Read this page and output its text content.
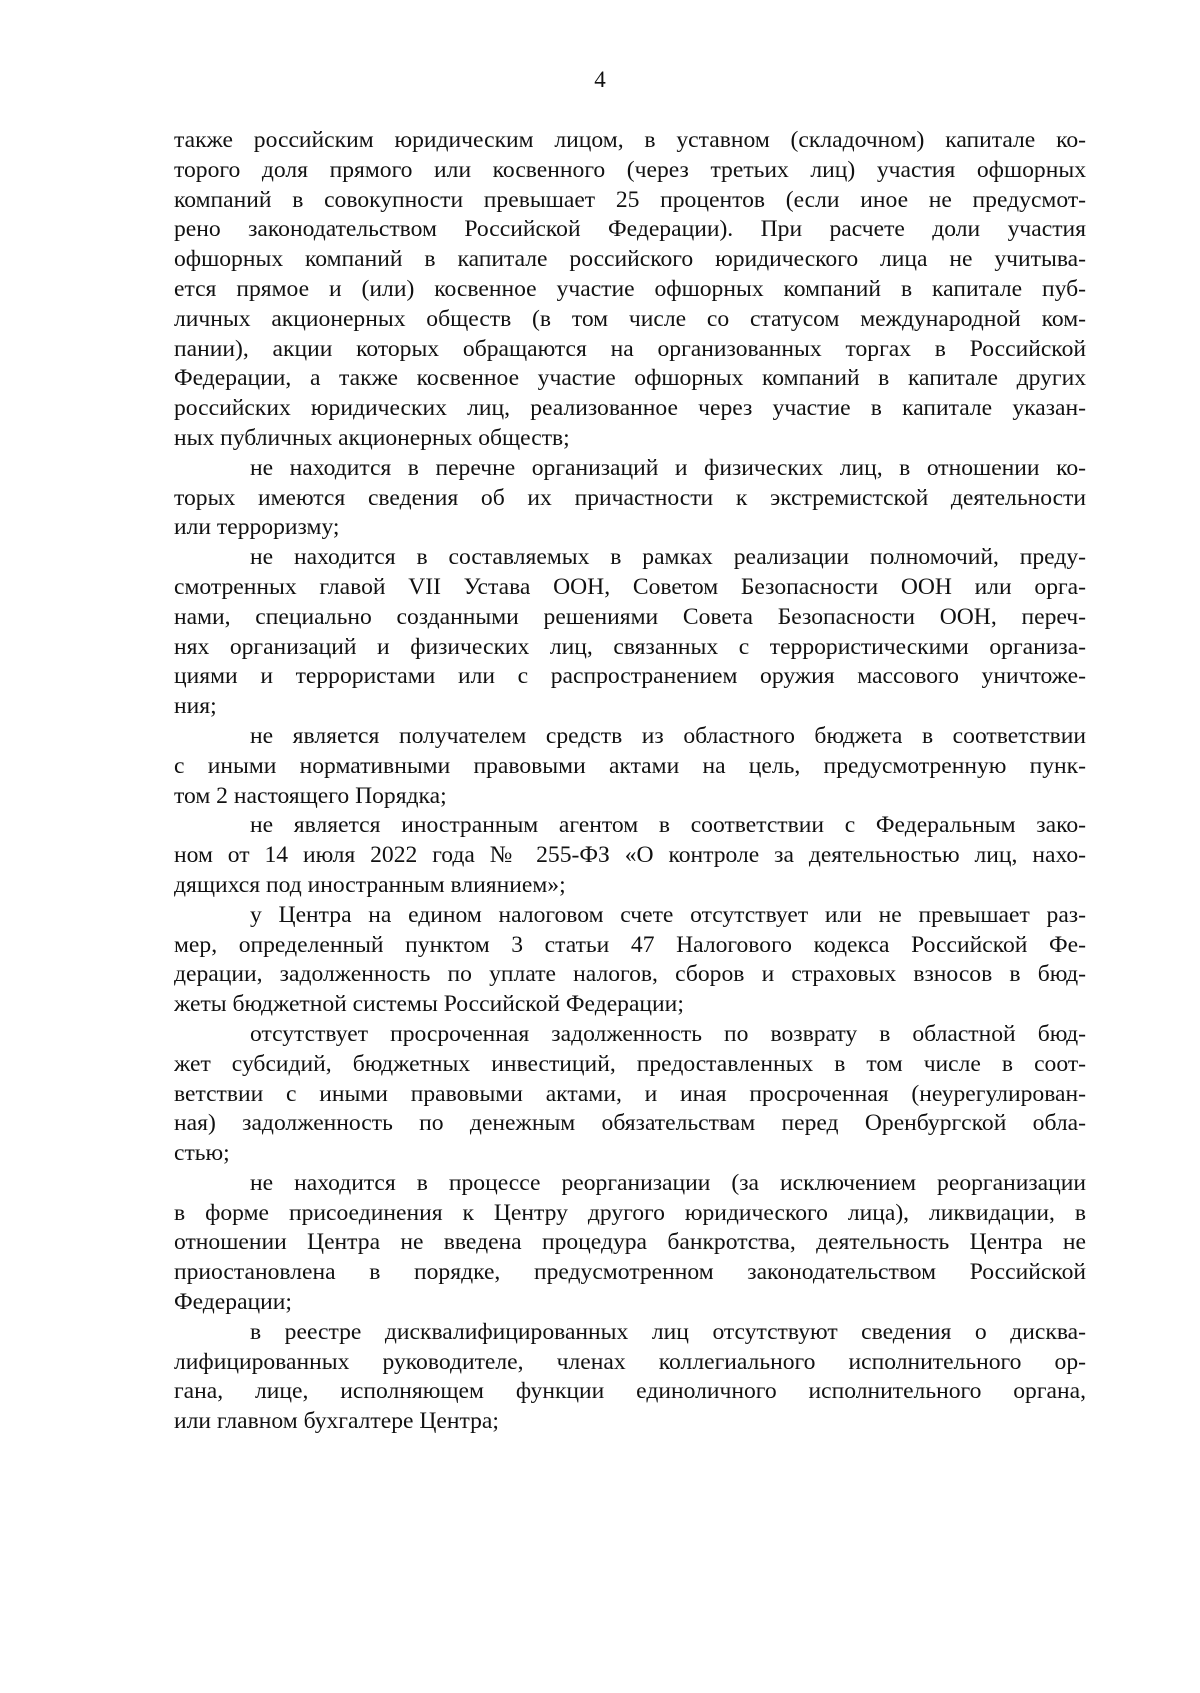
4
также российским юридическим лицом, в уставном (складочном) капитале ко-
торого доля прямого или косвенного (через третьих лиц) участия офшорных
компаний в совокупности превышает 25 процентов (если иное не предусмот-
рено законодательством Российской Федерации). При расчете доли участия
офшорных компаний в капитале российского юридического лица не учитыва-
ется прямое и (или) косвенное участие офшорных компаний в капитале пуб-
личных акционерных обществ (в том числе со статусом международной ком-
пании), акции которых обращаются на организованных торгах в Российской
Федерации, а также косвенное участие офшорных компаний в капитале других
российских юридических лиц, реализованное через участие в капитале указан-
ных публичных акционерных обществ;
не находится в перечне организаций и физических лиц, в отношении ко-
торых имеются сведения об их причастности к экстремистской деятельности
или терроризму;
не находится в составляемых в рамках реализации полномочий, преду-
смотренных главой VII Устава ООН, Советом Безопасности ООН или орга-
нами, специально созданными решениями Совета Безопасности ООН, переч-
нях организаций и физических лиц, связанных с террористическими организа-
циями и террористами или с распространением оружия массового уничтоже-
ния;
не является получателем средств из областного бюджета в соответствии
с иными нормативными правовыми актами на цель, предусмотренную пунк-
том 2 настоящего Порядка;
не является иностранным агентом в соответствии с Федеральным зако-
ном от 14 июля 2022 года № 255-ФЗ «О контроле за деятельностью лиц, нахо-
дящихся под иностранным влиянием»;
у Центра на едином налоговом счете отсутствует или не превышает раз-
мер, определенный пунктом 3 статьи 47 Налогового кодекса Российской Фе-
дерации, задолженность по уплате налогов, сборов и страховых взносов в бюд-
жеты бюджетной системы Российской Федерации;
отсутствует просроченная задолженность по возврату в областной бюд-
жет субсидий, бюджетных инвестиций, предоставленных в том числе в соот-
ветствии с иными правовыми актами, и иная просроченная (неурегулирован-
ная) задолженность по денежным обязательствам перед Оренбургской обла-
стью;
не находится в процессе реорганизации (за исключением реорганизации
в форме присоединения к Центру другого юридического лица), ликвидации, в
отношении Центра не введена процедура банкротства, деятельность Центра не
приостановлена в порядке, предусмотренном законодательством Российской
Федерации;
в реестре дисквалифицированных лиц отсутствуют сведения о дисква-
лифицированных руководителе, членах коллегиального исполнительного ор-
гана, лице, исполняющем функции единоличного исполнительного органа,
или главном бухгалтере Центра;
